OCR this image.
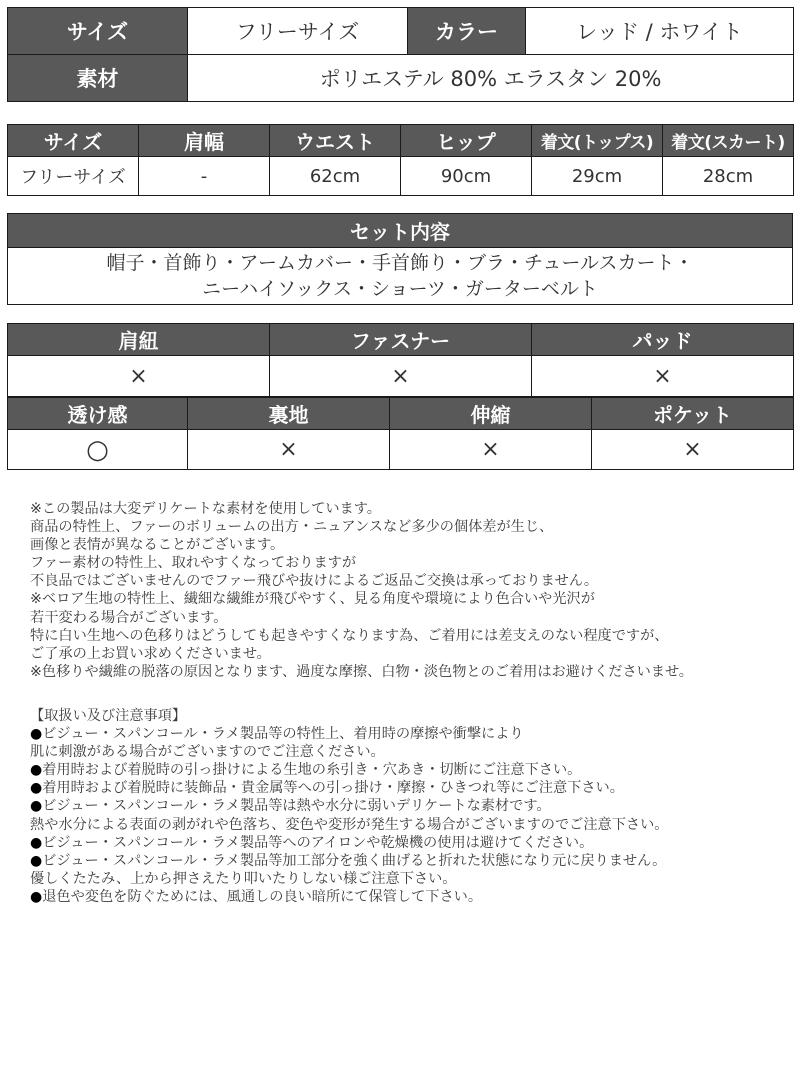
サイズ	フリーサイズ	カラー	レッド / ホワイト
素材	ポリエステル 80% エラスタン 20%		
サイズ	肩幅	ウエスト	ヒップ	着文(トップス)	着文(スカート)
フリーサイズ	-	62cm	90cm	29cm	28cm
セット内容

帽子・首飾り・アームカバー・手首飾り・ブラ・チュールスカート・
ニーハイソックス・ショーツ・ガーターベルト
肩紐	ファスナー	パッド
×	×	×
透け感	裏地	伸縮	ポケット
○	×	×	×

※この製品は大変デリケートな素材を使用しています。

商品の特性上、ファーのボリュームの出方・ニュアンスなど多少の個体差が生じ、

画像と表情が異なることがございます。

ファー素材の特性上、取れやすくなっておりますが

不良品ではございませんのでファー飛びや抜けによるご返品ご交換は承っておりません。

※ベロア生地の特性上、繊細な繊維が飛びやすく、見る角度や環境により色合いや光沢が

若干変わる場合がございます。

特に白い生地への色移りはどうしても起きやすくなります為、ご着用には差支えのない程度ですが、

ご了承の上お買い求めくださいませ。

※色移りや繊維の脱落の原因となります、過度な摩擦、白物・淡色物とのご着用はお避けくださいませ。

【取扱い及び注意事項】

●ビジュー・スパンコール・ラメ製品等の特性上、着用時の摩擦や衝撃により

肌に刺激がある場合がございますのでご注意ください。

●着用時および着脱時の引っ掛けによる生地の糸引き・穴あき・切断にご注意下さい。

●着用時および着脱時に装飾品・貴金属等への引っ掛け・摩擦・ひきつれ等にご注意下さい。

●ビジュー・スパンコール・ラメ製品等は熱や水分に弱いデリケートな素材です。

熱や水分による表面の剥がれや色落ち、変色や変形が発生する場合がございますのでご注意下さい。

●ビジュー・スパンコール・ラメ製品等へのアイロンや乾燥機の使用は避けてください。

●ビジュー・スパンコール・ラメ製品等加工部分を強く曲げると折れた状態になり元に戻りません。

優しくたたみ、上から押さえたり叩いたりしない様ご注意下さい。

●退色や変色を防ぐためには、風通しの良い暗所にて保管して下さい。
